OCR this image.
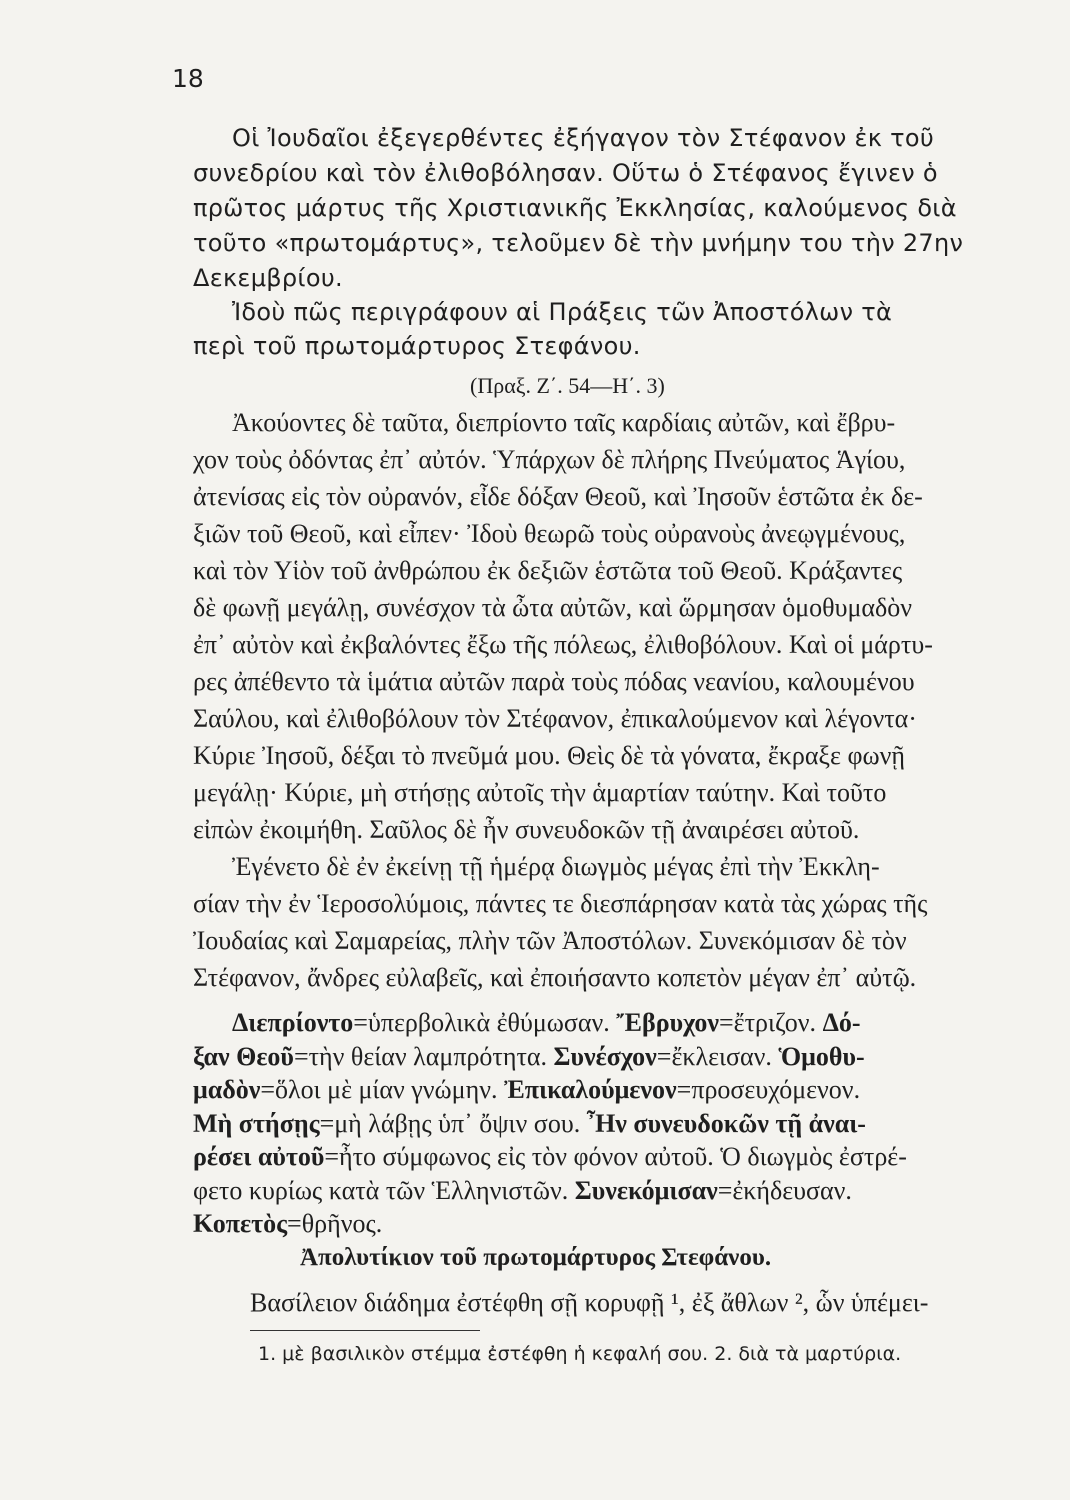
18
Οἱ Ἰουδαῖοι ἐξεγερθέντες ἐξήγαγον τὸν Στέφανον ἐκ τοῦ
συνεδρίου καὶ τὸν ἐλιθοβόλησαν. Οὕτω ὁ Στέφανος ἔγινεν ὁ
πρῶτος μάρτυς τῆς Χριστιανικῆς Ἐκκλησίας, καλούμενος διὰ
τοῦτο «πρωτομάρτυς», τελοῦμεν δὲ τὴν μνήμην του τὴν 27ην
Δεκεμβρίου.
Ἰδοὺ πῶς περιγράφουν αἱ Πράξεις τῶν Ἀποστόλων τὰ
περὶ τοῦ πρωτομάρτυρος Στεφάνου.
(Πραξ. Ζ΄. 54—Η΄. 3)
Ἀκούοντες δὲ ταῦτα, διεπρίοντο ταῖς καρδίαις αὐτῶν, καὶ ἔβρυ-
χον τοὺς ὀδόντας ἐπ᾽ αὐτόν. Ὑπάρχων δὲ πλήρης Πνεύματος Ἁγίου,
ἀτενίσας εἰς τὸν οὐρανόν, εἶδε δόξαν Θεοῦ, καὶ Ἰησοῦν ἑστῶτα ἐκ δε-
ξιῶν τοῦ Θεοῦ, καὶ εἶπεν· Ἰδοὺ θεωρῶ τοὺς οὐρανοὺς ἀνεῳγμένους,
καὶ τὸν Υἱὸν τοῦ ἀνθρώπου ἐκ δεξιῶν ἑστῶτα τοῦ Θεοῦ. Κράξαντες
δὲ φωνῇ μεγάλῃ, συνέσχον τὰ ὦτα αὐτῶν, καὶ ὥρμησαν ὁμοθυμαδὸν
ἐπ᾽ αὐτὸν καὶ ἐκβαλόντες ἔξω τῆς πόλεως, ἐλιθοβόλουν. Καὶ οἱ μάρτυ-
ρες ἀπέθεντο τὰ ἱμάτια αὐτῶν παρὰ τοὺς πόδας νεανίου, καλουμένου
Σαύλου, καὶ ἐλιθοβόλουν τὸν Στέφανον, ἐπικαλούμενον καὶ λέγοντα·
Κύριε Ἰησοῦ, δέξαι τὸ πνεῦμά μου. Θεὶς δὲ τὰ γόνατα, ἔκραξε φωνῇ
μεγάλῃ· Κύριε, μὴ στήσῃς αὐτοῖς τὴν ἁμαρτίαν ταύτην. Καὶ τοῦτο
εἰπὼν ἐκοιμήθη. Σαῦλος δὲ ἦν συνευδοκῶν τῇ ἀναιρέσει αὐτοῦ.
Ἐγένετο δὲ ἐν ἐκείνῃ τῇ ἡμέρᾳ διωγμὸς μέγας ἐπὶ τὴν Ἐκκλη-
σίαν τὴν ἐν Ἱεροσολύμοις, πάντες τε διεσπάρησαν κατὰ τὰς χώρας τῆς
Ἰουδαίας καὶ Σαμαρείας, πλὴν τῶν Ἀποστόλων. Συνεκόμισαν δὲ τὸν
Στέφανον, ἄνδρες εὐλαβεῖς, καὶ ἐποιήσαντο κοπετὸν μέγαν ἐπ᾽ αὐτῷ.
Διεπρίοντο=ὑπερβολικὰ ἐθύμωσαν. Ἔβρυχον=ἔτριζον. Δό-
ξαν Θεοῦ=τὴν θείαν λαμπρότητα. Συνέσχον=ἔκλεισαν. Ὁμοθυ-
μαδὸν=ὅλοι μὲ μίαν γνώμην. Ἐπικαλούμενον=προσευχόμενον.
Μὴ στήσῃς=μὴ λάβῃς ὑπ᾽ ὄψιν σου. Ἦν συνευδοκῶν τῇ ἀναι-
ρέσει αὐτοῦ=ἦτο σύμφωνος εἰς τὸν φόνον αὐτοῦ. Ὁ διωγμὸς ἐστρέ-
φετο κυρίως κατὰ τῶν Ἑλληνιστῶν. Συνεκόμισαν=ἐκήδευσαν.
Κοπετὸς=θρῆνος.
Ἀπολυτίκιον τοῦ πρωτομάρτυρος Στεφάνου.
Βασίλειον διάδημα ἐστέφθη σῇ κορυφῇ ¹, ἐξ ἄθλων ², ὧν ὑπέμει-
1. μὲ βασιλικὸν στέμμα ἐστέφθη ἡ κεφαλή σου. 2. διὰ τὰ μαρτύρια.
